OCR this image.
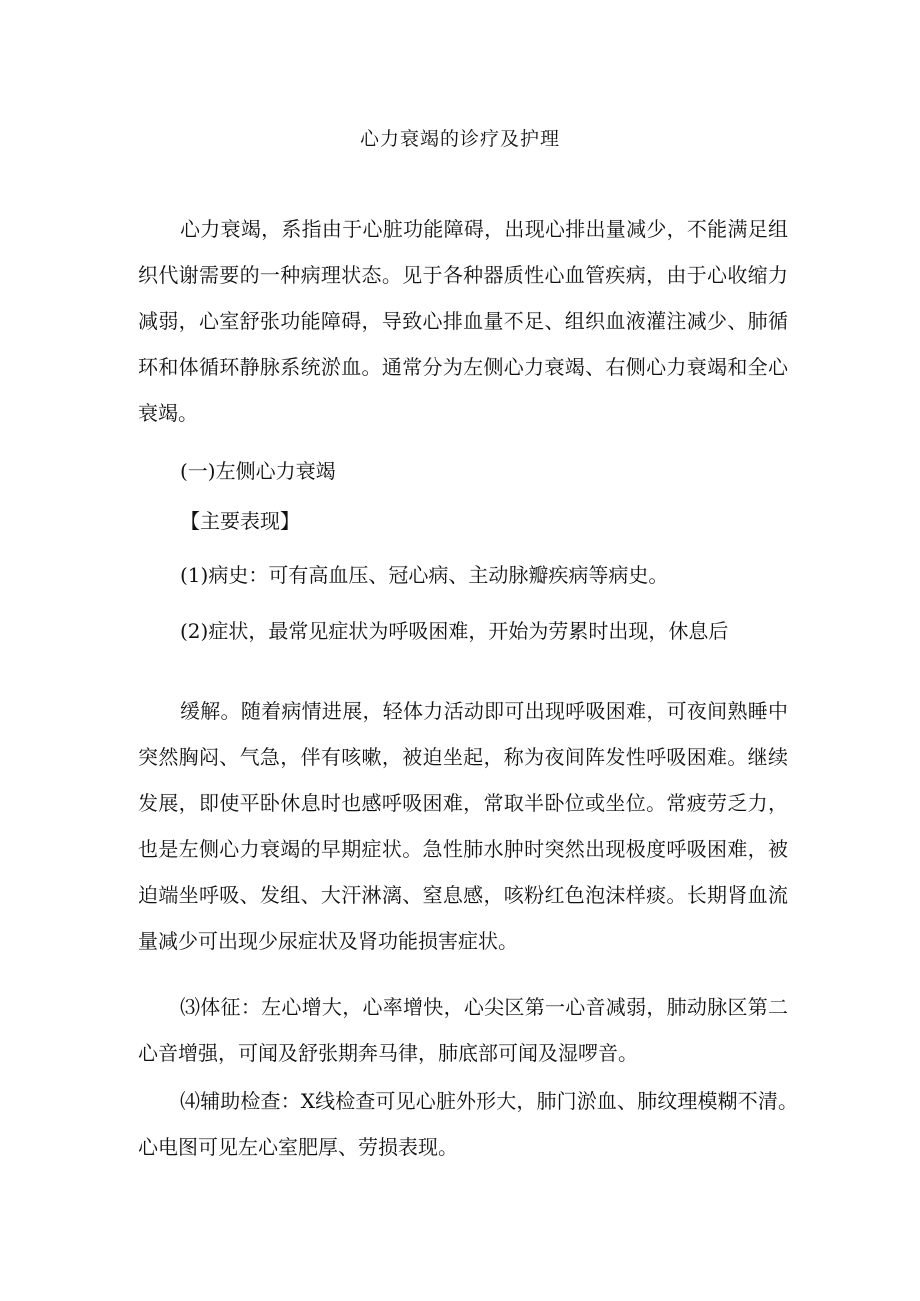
心力衰竭的诊疗及护理

心力衰竭，系指由于心脏功能障碍，出现心排出量减少，不能满足组织代谢需要的一种病理状态。见于各种器质性心血管疾病，由于心收缩力减弱，心室舒张功能障碍，导致心排血量不足、组织血液灌注减少、肺循环和体循环静脉系统淤血。通常分为左侧心力衰竭、右侧心力衰竭和全心衰竭。

(一)左侧心力衰竭
【主要表现】
(1)病史：可有高血压、冠心病、主动脉瓣疾病等病史。
(2)症状，最常见症状为呼吸困难，开始为劳累时出现，休息后

缓解。随着病情进展，轻体力活动即可出现呼吸困难，可夜间熟睡中突然胸闷、气急，伴有咳嗽，被迫坐起，称为夜间阵发性呼吸困难。继续发展，即使平卧休息时也感呼吸困难，常取半卧位或坐位。常疲劳乏力，也是左侧心力衰竭的早期症状。急性肺水肿时突然出现极度呼吸困难，被迫端坐呼吸、发组、大汗淋漓、窒息感，咳粉红色泡沫样痰。长期肾血流量减少可出现少尿症状及肾功能损害症状。

⑶体征：左心增大，心率增快，心尖区第一心音减弱，肺动脉区第二心音增强，可闻及舒张期奔马律，肺底部可闻及湿啰音。

⑷辅助检查：X线检查可见心脏外形大，肺门淤血、肺纹理模糊不清。心电图可见左心室肥厚、劳损表现。
